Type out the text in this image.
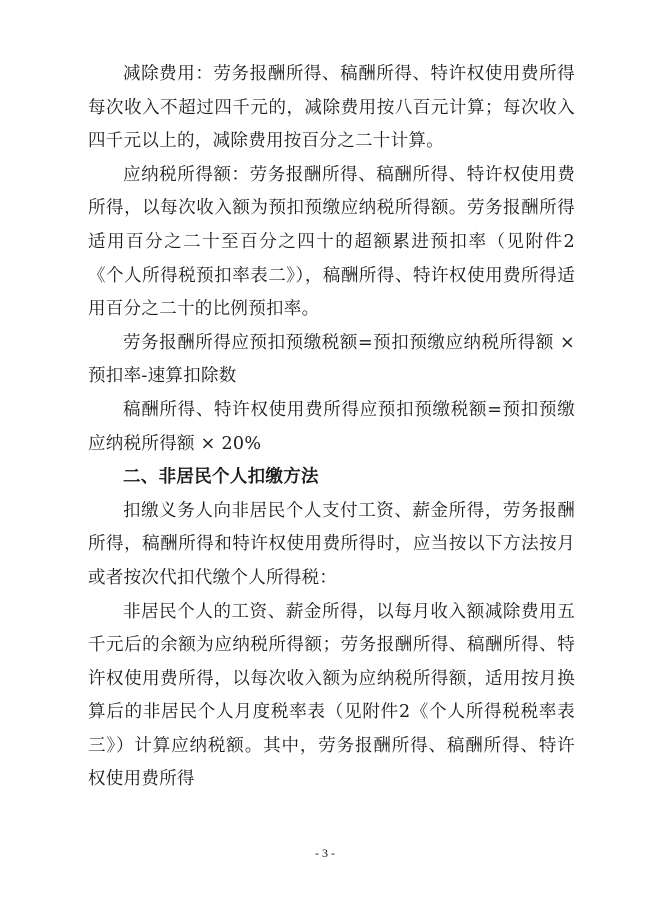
减除费用：劳务报酬所得、稿酬所得、特许权使用费所得每次收入不超过四千元的，减除费用按八百元计算；每次收入四千元以上的，减除费用按百分之二十计算。

应纳税所得额：劳务报酬所得、稿酬所得、特许权使用费所得，以每次收入额为预扣预缴应纳税所得额。劳务报酬所得适用百分之二十至百分之四十的超额累进预扣率（见附件2《个人所得税预扣率表二》），稿酬所得、特许权使用费所得适用百分之二十的比例预扣率。

劳务报酬所得应预扣预缴税额=预扣预缴应纳税所得额 × 预扣率-速算扣除数

稿酬所得、特许权使用费所得应预扣预缴税额=预扣预缴应纳税所得额 × 20%

二、非居民个人扣缴方法

扣缴义务人向非居民个人支付工资、薪金所得，劳务报酬所得，稿酬所得和特许权使用费所得时，应当按以下方法按月或者按次代扣代缴个人所得税：

非居民个人的工资、薪金所得，以每月收入额减除费用五千元后的余额为应纳税所得额；劳务报酬所得、稿酬所得、特许权使用费所得，以每次收入额为应纳税所得额，适用按月换算后的非居民个人月度税率表（见附件2《个人所得税税率表三》）计算应纳税额。其中，劳务报酬所得、稿酬所得、特许权使用费所得

- 3 -
